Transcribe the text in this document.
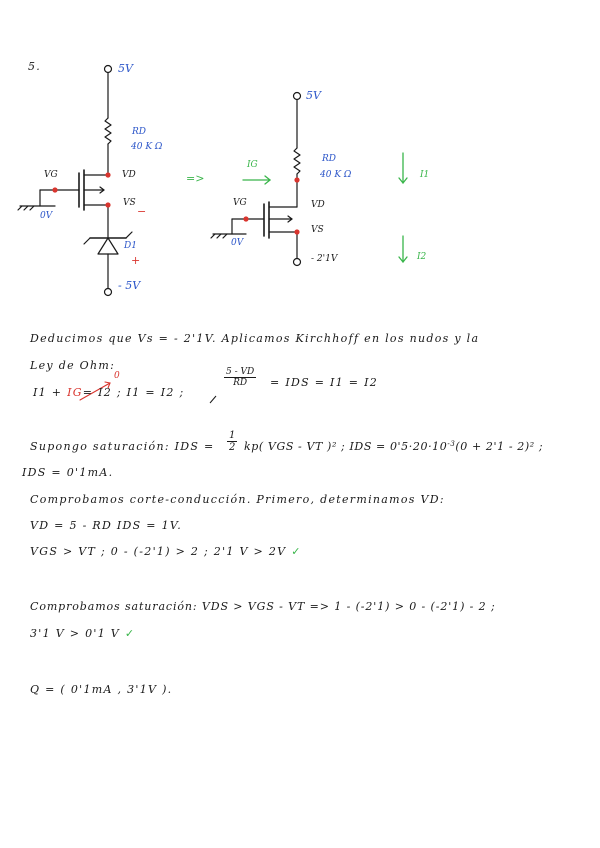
5.	5V
RD
40 K Ω
VG	VD
VS
0V	−
D1
+
- 5V
=>
5V
IG
RD
40 K Ω	I1
VG	VD
VS
0V
- 2'1V	I2
Deducimos que Vs = - 2'1V. Aplicamos Kirchhoff en los nudos y la
Ley de Ohm:
I1 + IG= I2 ; I1 = I2 ;
0	$\frac{5 - VD}{RD}$ = IDS = I1 = I2
Supongo saturación: IDS = $\frac{1}{2} kp$( VGS - VT )² ; IDS = $0'5\cdot 20\cdot 10^{-3}(0 + 2'1 - 2)^2$ ;
IDS = 0'1mA.
Comprobamos corte-conducción. Primero, determinamos VD:
VD = 5 - RD IDS = 1V.
VGS > VT ; 0 - (-2'1) > 2 ; 2'1 V > 2V ✓
Comprobamos saturación: VDS > VGS - VT => 1 - (-2'1) > 0 - (-2'1) - 2 ;
3'1 V > 0'1 V ✓
Q = ( 0'1mA , 3'1V ).
